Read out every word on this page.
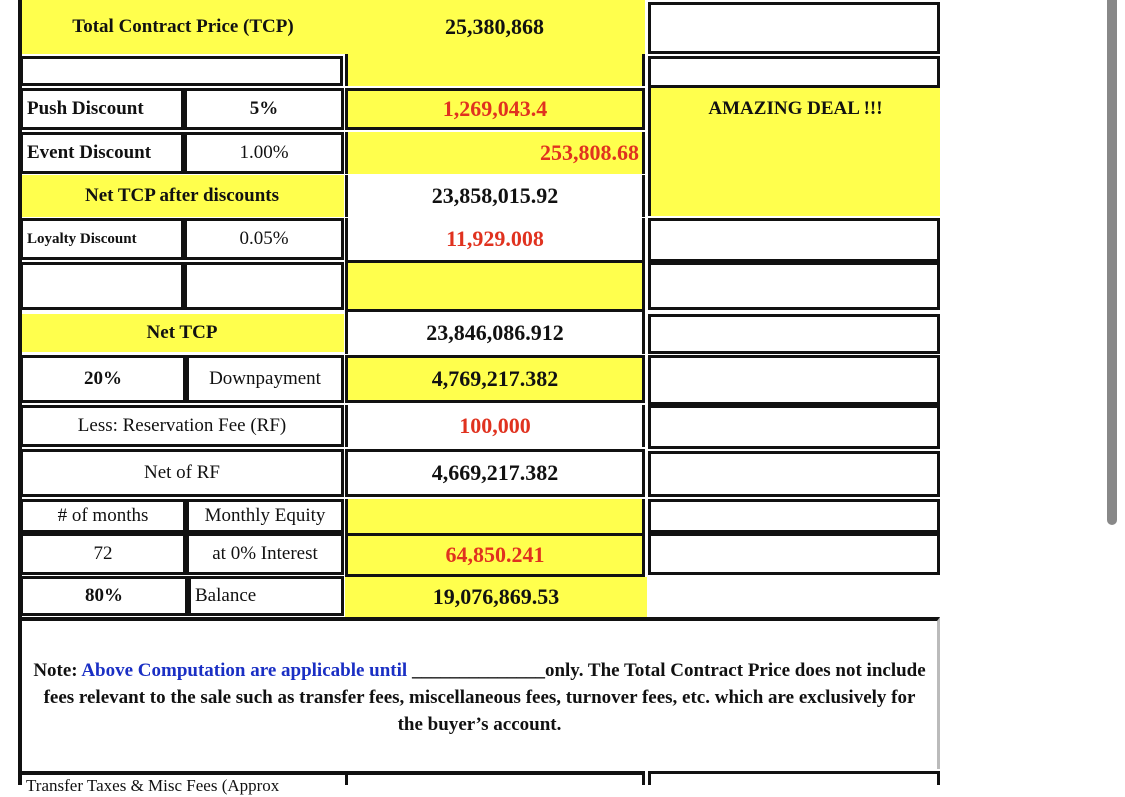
Total Contract Price (TCP)	25,380,868
Push Discount	5%	1,269,043.4	AMAZING DEAL !!!
Event Discount	1.00%	253,808.68
Net TCP after discounts	23,858,015.92
Loyalty Discount	0.05%	11,929.008
Net TCP	23,846,086.912
20%	Downpayment	4,769,217.382
Less: Reservation Fee (RF)	100,000
Net of RF	4,669,217.382
# of months	Monthly Equity
72	at 0% Interest	64,850.241
80%	Balance	19,076,869.53
Note: Above Computation are applicable until ______________only. The Total Contract Price does not include fees relevant to the sale such as transfer fees, miscellaneous fees, turnover fees, etc. which are exclusively for the buyer’s account.
Transfer Taxes & Misc Fees (Approx
